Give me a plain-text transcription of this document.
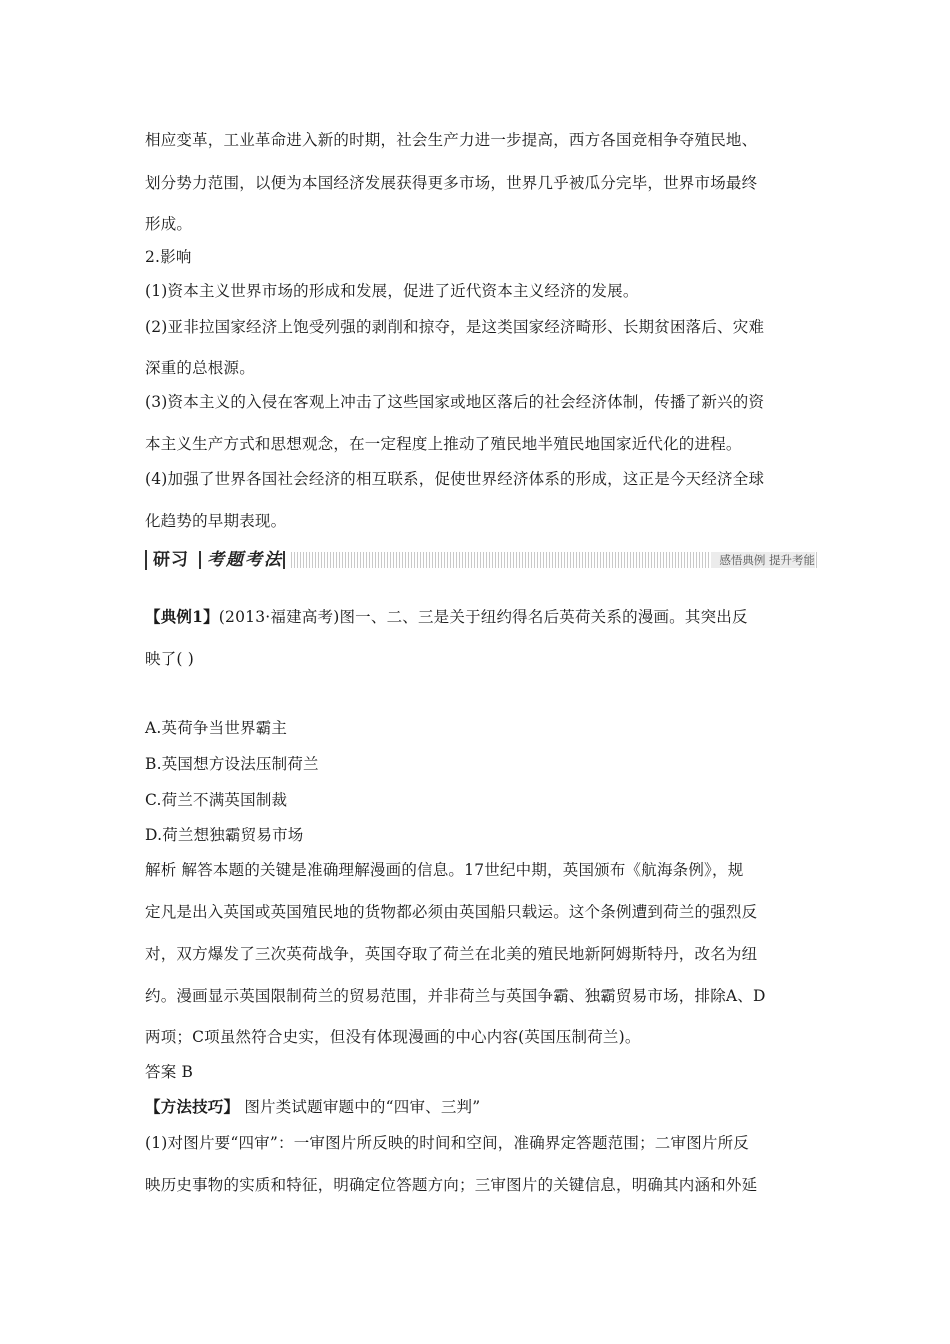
相应变革，工业革命进入新的时期，社会生产力进一步提高，西方各国竞相争夺殖民地、
划分势力范围，以便为本国经济发展获得更多市场，世界几乎被瓜分完毕，世界市场最终
形成。
2.影响
(1)资本主义世界市场的形成和发展，促进了近代资本主义经济的发展。
(2)亚非拉国家经济上饱受列强的剥削和掠夺，是这类国家经济畸形、长期贫困落后、灾难
深重的总根源。
(3)资本主义的入侵在客观上冲击了这些国家或地区落后的社会经济体制，传播了新兴的资
本主义生产方式和思想观念，在一定程度上推动了殖民地半殖民地国家近代化的进程。
(4)加强了世界各国社会经济的相互联系，促使世界经济体系的形成，这正是今天经济全球
化趋势的早期表现。
研习 考题考法	感悟典例 提升考能
【典例1】(2013·福建高考)图一、二、三是关于纽约得名后英荷关系的漫画。其突出反
映了( )
A.英荷争当世界霸主
B.英国想方设法压制荷兰
C.荷兰不满英国制裁
D.荷兰想独霸贸易市场
解析 解答本题的关键是准确理解漫画的信息。17世纪中期，英国颁布《航海条例》，规
定凡是出入英国或英国殖民地的货物都必须由英国船只载运。这个条例遭到荷兰的强烈反
对，双方爆发了三次英荷战争，英国夺取了荷兰在北美的殖民地新阿姆斯特丹，改名为纽
约。漫画显示英国限制荷兰的贸易范围，并非荷兰与英国争霸、独霸贸易市场，排除A、D
两项；C项虽然符合史实，但没有体现漫画的中心内容(英国压制荷兰)。
答案 B
【方法技巧】 图片类试题审题中的“四审、三判”
(1)对图片要“四审”：一审图片所反映的时间和空间，准确界定答题范围；二审图片所反
映历史事物的实质和特征，明确定位答题方向；三审图片的关键信息，明确其内涵和外延
